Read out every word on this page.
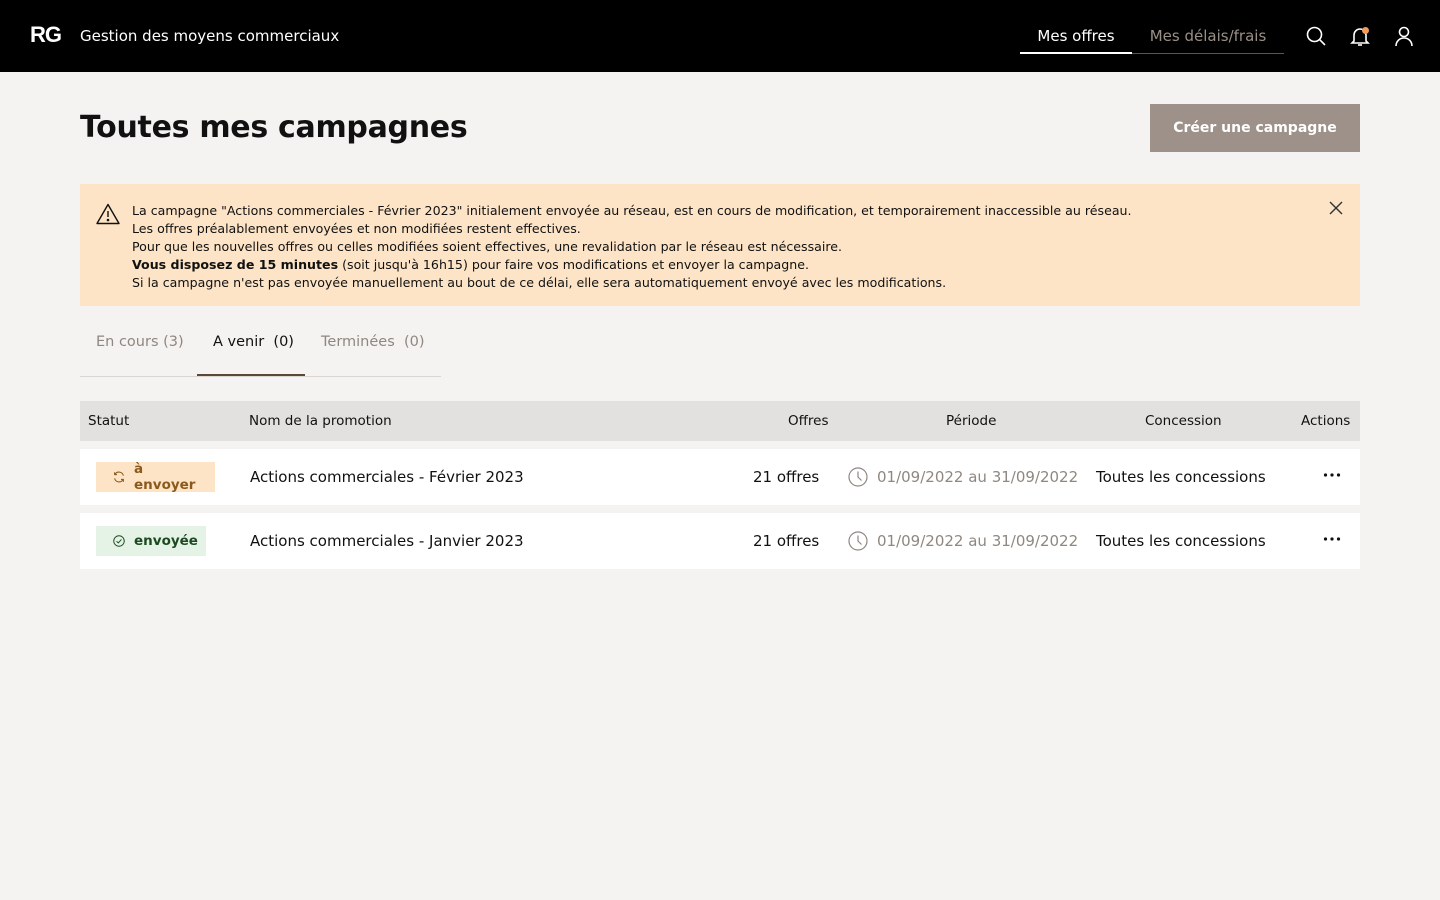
RG Gestion des moyens commerciaux	Mes offres	Mes délais/frais
Toutes mes campagnes	Créer une campagne

La campagne "Actions commerciales - Février 2023" initialement envoyée au réseau, est en cours de modification, et temporairement inaccessible au réseau.

Les offres préalablement envoyées et non modifiées restent effectives.

Pour que les nouvelles offres ou celles modifiées soient effectives, une revalidation par le réseau est nécessaire.

Vous disposez de 15 minutes (soit jusqu'à 16h15) pour faire vos modifications et envoyer la campagne.

Si la campagne n'est pas envoyée manuellement au bout de ce délai, elle sera automatiquement envoyé avec les modifications.

En cours (3) A venir  (0) Terminées  (0)
Statut	Nom de la promotion	Offres	Période	Concession	Actions
à envoyer	Actions commerciales - Février 2023	21 offres	01/09/2022 au 31/09/2022 Toutes les concessions
envoyée	Actions commerciales - Janvier 2023	21 offres	01/09/2022 au 31/09/2022 Toutes les concessions
